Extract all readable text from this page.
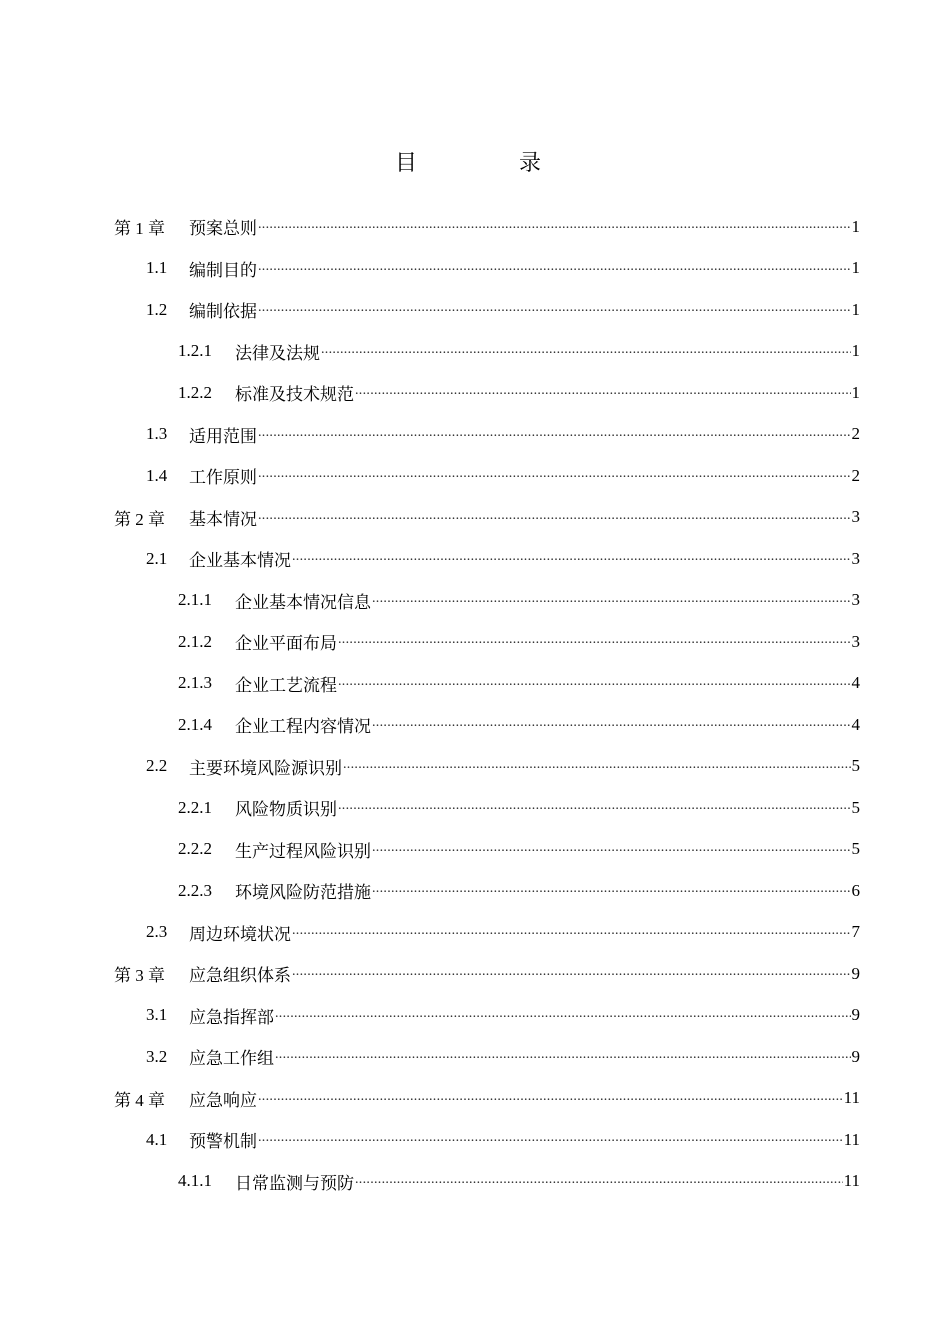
目　录
第 1 章	预案总则 .....	1
1.1	编制目的 .....	1
1.2	编制依据 .....	1
1.2.1	法律及法规 .....	1
1.2.2	标准及技术规范 .....	1
1.3	适用范围 .....	2
1.4	工作原则 .....	2
第 2 章	基本情况 .....	3
2.1	企业基本情况 .....	3
2.1.1	企业基本情况信息 .....	3
2.1.2	企业平面布局 .....	3
2.1.3	企业工艺流程 .....	4
2.1.4	企业工程内容情况 .....	4
2.2	主要环境风险源识别 .....	5
2.2.1	风险物质识别 .....	5
2.2.2	生产过程风险识别 .....	5
2.2.3	环境风险防范措施 .....	6
2.3	周边环境状况 .....	7
第 3 章	应急组织体系 .....	9
3.1	应急指挥部 .....	9
3.2	应急工作组 .....	9
第 4 章	应急响应 .....	11
4.1	预警机制 .....	11
4.1.1	日常监测与预防 .....	11
